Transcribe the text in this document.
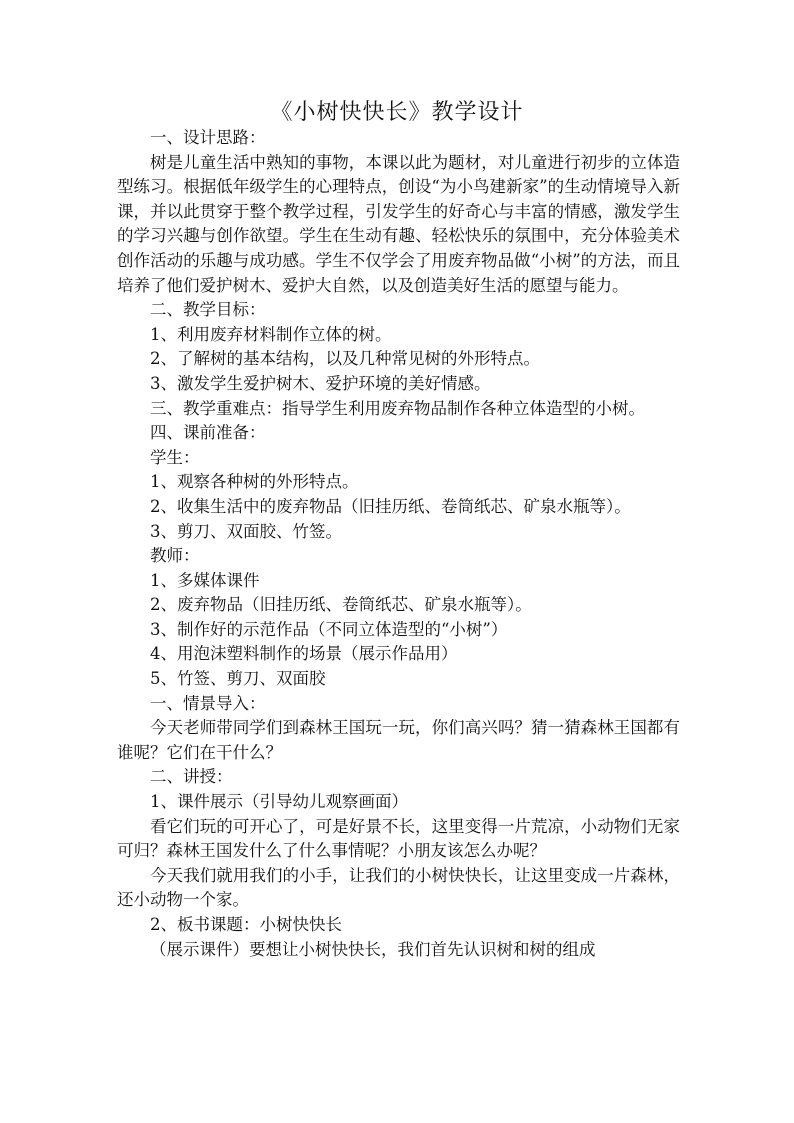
《小树快快长》教学设计

一、设计思路：

树是儿童生活中熟知的事物，本课以此为题材，对儿童进行初步的立体造型练习。根据低年级学生的心理特点，创设“为小鸟建新家”的生动情境导入新课，并以此贯穿于整个教学过程，引发学生的好奇心与丰富的情感，激发学生的学习兴趣与创作欲望。学生在生动有趣、轻松快乐的氛围中，充分体验美术创作活动的乐趣与成功感。学生不仅学会了用废弃物品做“小树”的方法，而且培养了他们爱护树木、爱护大自然，以及创造美好生活的愿望与能力。

二、教学目标：

1、利用废弃材料制作立体的树。

2、了解树的基本结构，以及几种常见树的外形特点。

3、激发学生爱护树木、爱护环境的美好情感。

三、教学重难点：指导学生利用废弃物品制作各种立体造型的小树。

四、课前准备：

学生：

1、观察各种树的外形特点。

2、收集生活中的废弃物品（旧挂历纸、卷筒纸芯、矿泉水瓶等）。

3、剪刀、双面胶、竹签。

教师：

1、多媒体课件

2、废弃物品（旧挂历纸、卷筒纸芯、矿泉水瓶等）。

3、制作好的示范作品（不同立体造型的“小树”）

4、用泡沫塑料制作的场景（展示作品用）

5、竹签、剪刀、双面胶

一、情景导入：

今天老师带同学们到森林王国玩一玩，你们高兴吗？猜一猜森林王国都有谁呢？它们在干什么？

二、讲授：

1、课件展示（引导幼儿观察画面）

看它们玩的可开心了，可是好景不长，这里变得一片荒凉，小动物们无家可归？森林王国发什么了什么事情呢？小朋友该怎么办呢？

今天我们就用我们的小手，让我们的小树快快长，让这里变成一片森林，还小动物一个家。

2、板书课题：小树快快长

（展示课件）要想让小树快快长，我们首先认识树和树的组成
